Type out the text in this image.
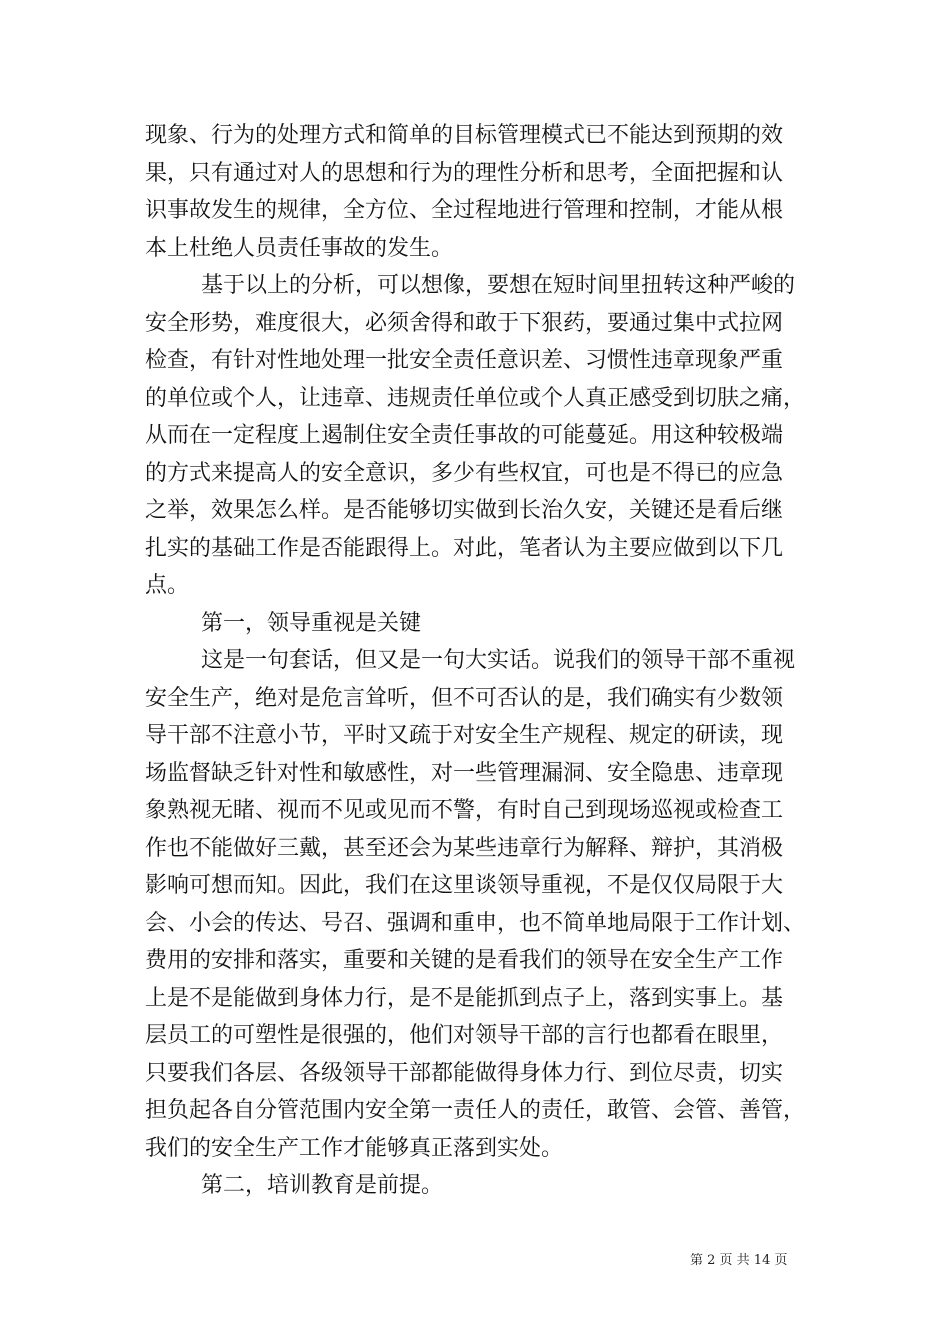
现象、行为的处理方式和简单的目标管理模式已不能达到预期的效
果，只有通过对人的思想和行为的理性分析和思考，全面把握和认
识事故发生的规律，全方位、全过程地进行管理和控制，才能从根
本上杜绝人员责任事故的发生。
基于以上的分析，可以想像，要想在短时间里扭转这种严峻的
安全形势，难度很大，必须舍得和敢于下狠药，要通过集中式拉网
检查，有针对性地处理一批安全责任意识差、习惯性违章现象严重
的单位或个人，让违章、违规责任单位或个人真正感受到切肤之痛，
从而在一定程度上遏制住安全责任事故的可能蔓延。用这种较极端
的方式来提高人的安全意识，多少有些权宜，可也是不得已的应急
之举，效果怎么样。是否能够切实做到长治久安，关键还是看后继
扎实的基础工作是否能跟得上。对此，笔者认为主要应做到以下几
点。
第一，领导重视是关键
这是一句套话，但又是一句大实话。说我们的领导干部不重视
安全生产，绝对是危言耸听，但不可否认的是，我们确实有少数领
导干部不注意小节，平时又疏于对安全生产规程、规定的研读，现
场监督缺乏针对性和敏感性，对一些管理漏洞、安全隐患、违章现
象熟视无睹、视而不见或见而不警，有时自己到现场巡视或检查工
作也不能做好三戴，甚至还会为某些违章行为解释、辩护，其消极
影响可想而知。因此，我们在这里谈领导重视，不是仅仅局限于大
会、小会的传达、号召、强调和重申，也不简单地局限于工作计划、
费用的安排和落实，重要和关键的是看我们的领导在安全生产工作
上是不是能做到身体力行，是不是能抓到点子上，落到实事上。基
层员工的可塑性是很强的，他们对领导干部的言行也都看在眼里，
只要我们各层、各级领导干部都能做得身体力行、到位尽责，切实
担负起各自分管范围内安全第一责任人的责任，敢管、会管、善管，
我们的安全生产工作才能够真正落到实处。
第二，培训教育是前提。
第 2 页 共 14 页
